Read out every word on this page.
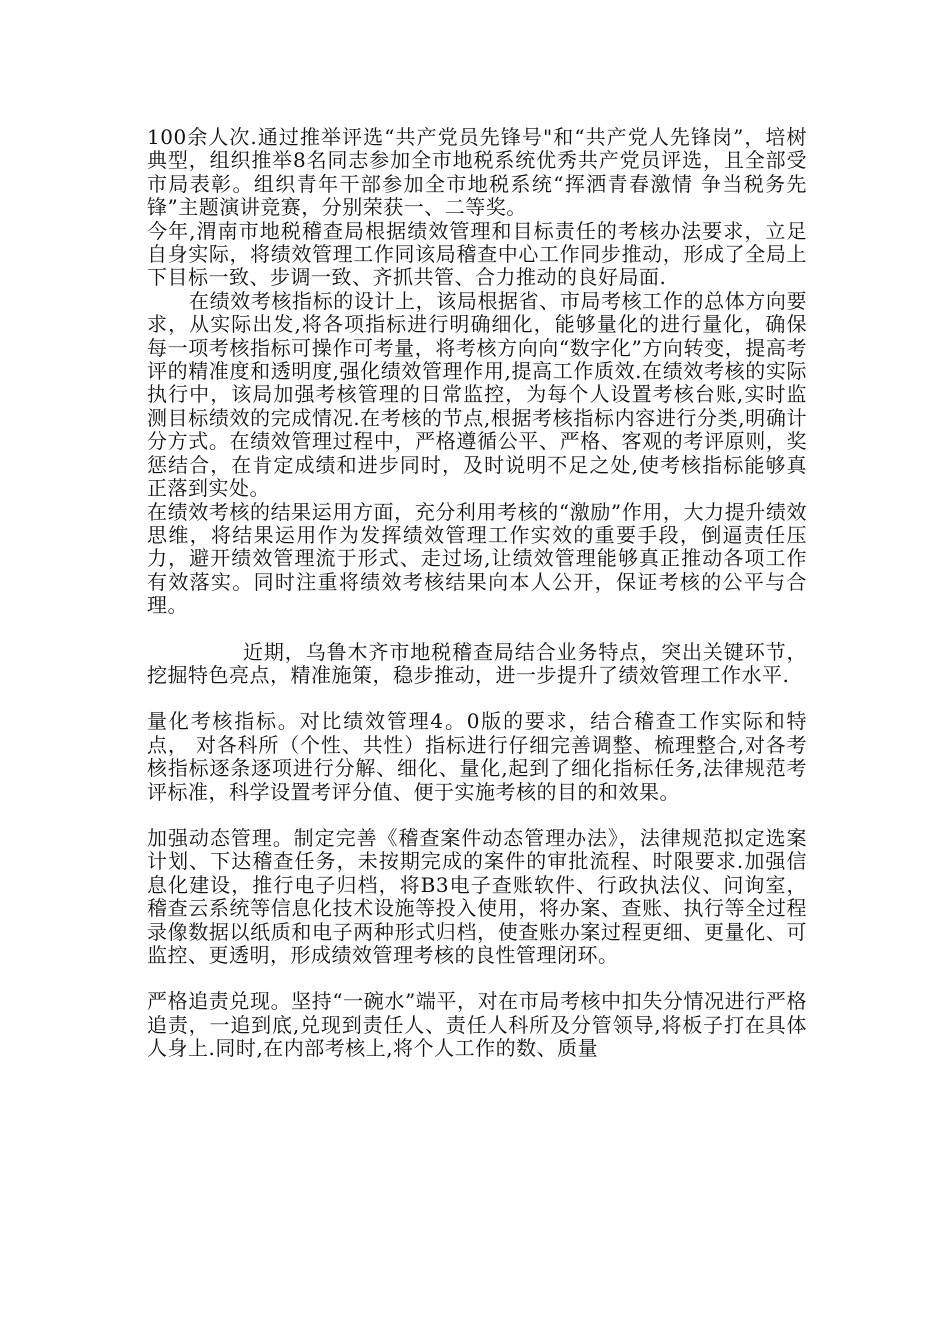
100余人次.通过推举评选“共产党员先锋号"和“共产党人先锋岗”，培树典型，组织推举8名同志参加全市地税系统优秀共产党员评选，且全部受市局表彰。组织青年干部参加全市地税系统“挥洒青春激情 争当税务先锋”主题演讲竞赛，分别荣获一、二等奖。

今年,渭南市地税稽查局根据绩效管理和目标责任的考核办法要求，立足自身实际，将绩效管理工作同该局稽查中心工作同步推动，形成了全局上下目标一致、步调一致、齐抓共管、合力推动的良好局面.

在绩效考核指标的设计上，该局根据省、市局考核工作的总体方向要求，从实际出发,将各项指标进行明确细化，能够量化的进行量化，确保每一项考核指标可操作可考量，将考核方向向“数字化”方向转变，提高考评的精准度和透明度,强化绩效管理作用,提高工作质效.在绩效考核的实际执行中，该局加强考核管理的日常监控，为每个人设置考核台账,实时监测目标绩效的完成情况.在考核的节点,根据考核指标内容进行分类,明确计分方式。在绩效管理过程中，严格遵循公平、严格、客观的考评原则，奖惩结合，在肯定成绩和进步同时，及时说明不足之处,使考核指标能够真正落到实处。

在绩效考核的结果运用方面，充分利用考核的“激励”作用，大力提升绩效思维，将结果运用作为发挥绩效管理工作实效的重要手段，倒逼责任压力，避开绩效管理流于形式、走过场,让绩效管理能够真正推动各项工作有效落实。同时注重将绩效考核结果向本人公开，保证考核的公平与合理。

近期，乌鲁木齐市地税稽查局结合业务特点，突出关键环节，挖掘特色亮点，精准施策，稳步推动，进一步提升了绩效管理工作水平.

量化考核指标。对比绩效管理4。0版的要求，结合稽查工作实际和特点， 对各科所（个性、共性）指标进行仔细完善调整、梳理整合,对各考核指标逐条逐项进行分解、细化、量化,起到了细化指标任务,法律规范考评标准，科学设置考评分值、便于实施考核的目的和效果。

加强动态管理。制定完善《稽查案件动态管理办法》，法律规范拟定选案计划、下达稽查任务，未按期完成的案件的审批流程、时限要求.加强信息化建设，推行电子归档，将B3电子查账软件、行政执法仪、问询室，稽查云系统等信息化技术设施等投入使用，将办案、查账、执行等全过程录像数据以纸质和电子两种形式归档，使查账办案过程更细、更量化、可监控、更透明，形成绩效管理考核的良性管理闭环。

严格追责兑现。坚持“一碗水”端平，对在市局考核中扣失分情况进行严格追责，一追到底,兑现到责任人、责任人科所及分管领导,将板子打在具体人身上.同时,在内部考核上,将个人工作的数、质量
